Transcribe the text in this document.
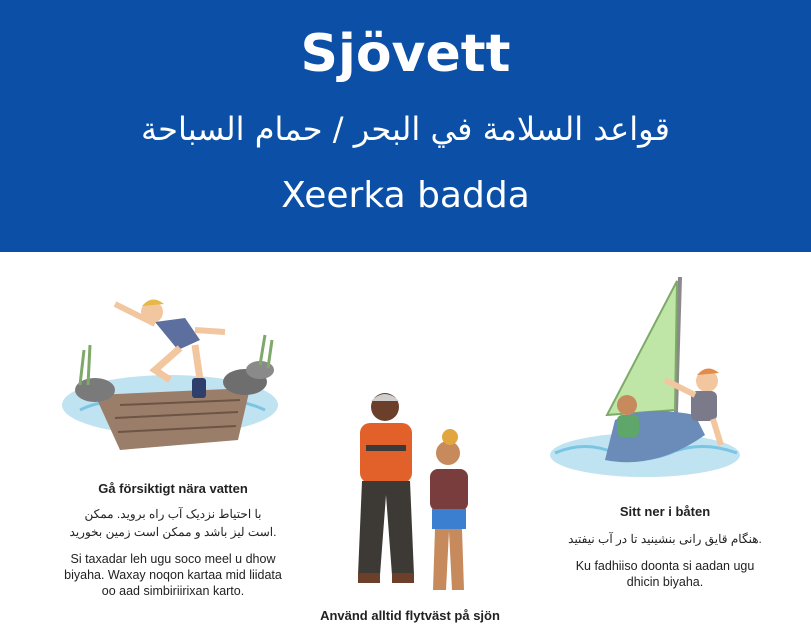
Sjövett
قواعد السلامة في البحر / حمام السباحة
Xeerka badda
Gå försiktigt nära vatten
با احتیاط نزدیک آب راه بروید. ممکن
.است لیز باشد و ممکن است زمین بخورید
Si taxadar leh ugu soco meel u dhow biyaha. Waxay noqon kartaa mid liidata oo aad simbiriirixan karto.
Använd alltid flytväst på sjön
Sitt ner i båten
.هنگام قایق رانی بنشینید تا در آب نیفتید
Ku fadhiiso doonta si aadan ugu dhicin biyaha.
